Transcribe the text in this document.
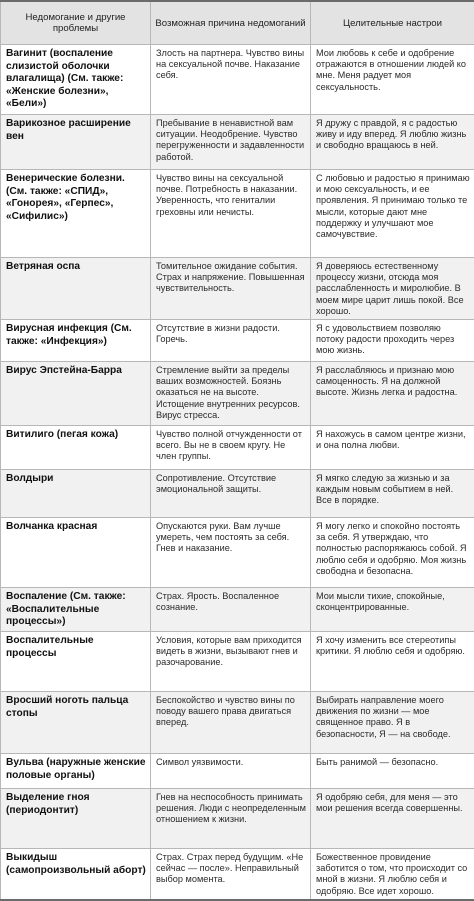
Недомогание и другие проблемы	Возможная причина недомоганий	Целительные настрои
Вагинит (воспаление слизистой оболочки влагалища) (См. также: «Женские болезни», «Бели»)	Злость на партнера. Чувство вины на сексуальной почве. Наказание себя.	Мои любовь к себе и одобрение отражаются в отношении людей ко мне. Меня радует моя сексуальность.
Варикозное расширение вен	Пребывание в ненавистной вам ситуации. Неодобрение. Чувство перегруженности и задавленности работой.	Я дружу с правдой, я с радостью живу и иду вперед. Я люблю жизнь и свободно вращаюсь в ней.
Венерические болезни. (См. также: «СПИД», «Гонорея», «Герпес», «Сифилис»)	Чувство вины на сексуальной почве. Потребность в наказании. Уверенность, что гениталии греховны или нечисты.	С любовью и радостью я принимаю и мою сексуальность, и ее проявления. Я принимаю только те мысли, которые дают мне поддержку и улучшают мое самочувствие.
Ветряная оспа	Томительное ожидание события. Страх и напряжение. Повышенная чувствительность.	Я доверяюсь естественному процессу жизни, отсюда моя расслабленность и миролюбие. В моем мире царит лишь покой. Все хорошо.
Вирусная инфекция (См. также: «Инфекция»)	Отсутствие в жизни радости. Горечь.	Я с удовольствием позволяю потоку радости проходить через мою жизнь.
Вирус Эпстейна-Барра	Стремление выйти за пределы ваших возможностей. Боязнь оказаться не на высоте. Истощение внутренних ресурсов. Вирус стресса.	Я расслабляюсь и признаю мою самоценность. Я на должной высоте. Жизнь легка и радостна.
Витилиго (пегая кожа)	Чувство полной отчужденности от всего. Вы не в своем кругу. Не член группы.	Я нахожусь в самом центре жизни, и она полна любви.
Волдыри	Сопротивление. Отсутствие эмоциональной защиты.	Я мягко следую за жизнью и за каждым новым событием в ней. Все в порядке.
Волчанка красная	Опускаются руки. Вам лучше умереть, чем постоять за себя. Гнев и наказание.	Я могу легко и спокойно постоять за себя. Я утверждаю, что полностью распоряжаюсь собой. Я люблю себя и одобряю. Моя жизнь свободна и безопасна.
Воспаление (См. также: «Воспалительные процессы»)	Страх. Ярость. Воспаленное сознание.	Мои мысли тихие, спокойные, сконцентрированные.
Воспалительные процессы	Условия, которые вам приходится видеть в жизни, вызывают гнев и разочарование.	Я хочу изменить все стереотипы критики. Я люблю себя и одобряю.
Вросший ноготь пальца стопы	Беспокойство и чувство вины по поводу вашего права двигаться вперед.	Выбирать направление моего движения по жизни — мое священное право. Я в безопасности, Я — на свободе.
Вульва (наружные женские половые органы)	Символ уязвимости.	Быть ранимой — безопасно.
Выделение гноя (периодонтит)	Гнев на неспособность принимать решения. Люди с неопределенным отношением к жизни.	Я одобряю себя, для меня — это мои решения всегда совершенны.
Выкидыш (самопроизвольный аборт)	Страх. Страх перед будущим. «Не сейчас — после». Неправильный выбор момента.	Божественное провидение заботится о том, что происходит со мной в жизни. Я люблю себя и одобряю. Все идет хорошо.
